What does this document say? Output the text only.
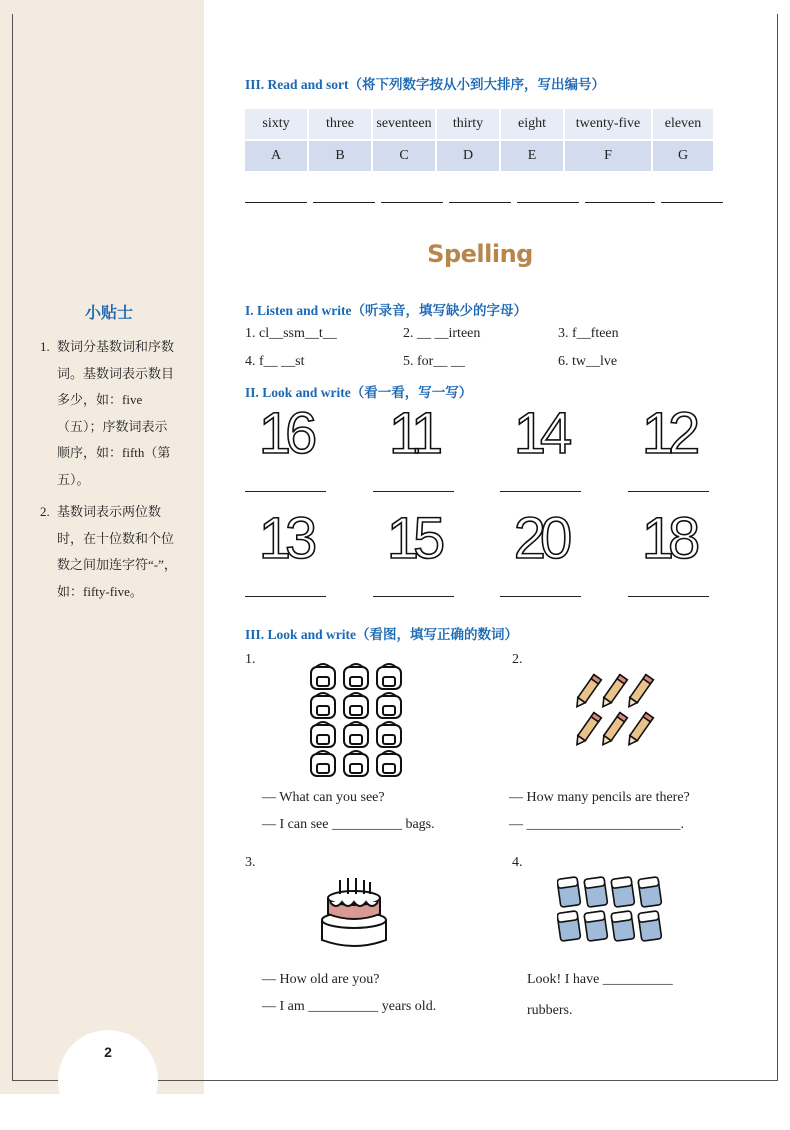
2
小贴士
1. 数词分基数词和序数词。基数词表示数目多少，如：five（五）；序数词表示顺序，如：fifth（第五）。
2. 基数词表示两位数时，在十位数和个位数之间加连字符“-”，如：fifty-five。
III. Read and sort（将下列数字按从小到大排序，写出编号）
sixty	three	seventeen	thirty	eight	twenty-five	eleven
A	B	C	D	E	F	G
Spelling
I. Listen and write（听录音，填写缺少的字母）
1. cl__ssm__t__	2. __ __irteen	3. f__fteen
4. f__ __st	5. for__ __	6. tw__lve
II. Look and write（看一看，写一写）
16 11 14 12
13 15 20 18
III. Look and write（看图，填写正确的数词）
1.	2.
3.	4.
— What can you see?
— I can see __________ bags.
— How many pencils are there?
— ______________________.
— How old are you?
— I am __________ years old.
Look! I have __________
rubbers.
